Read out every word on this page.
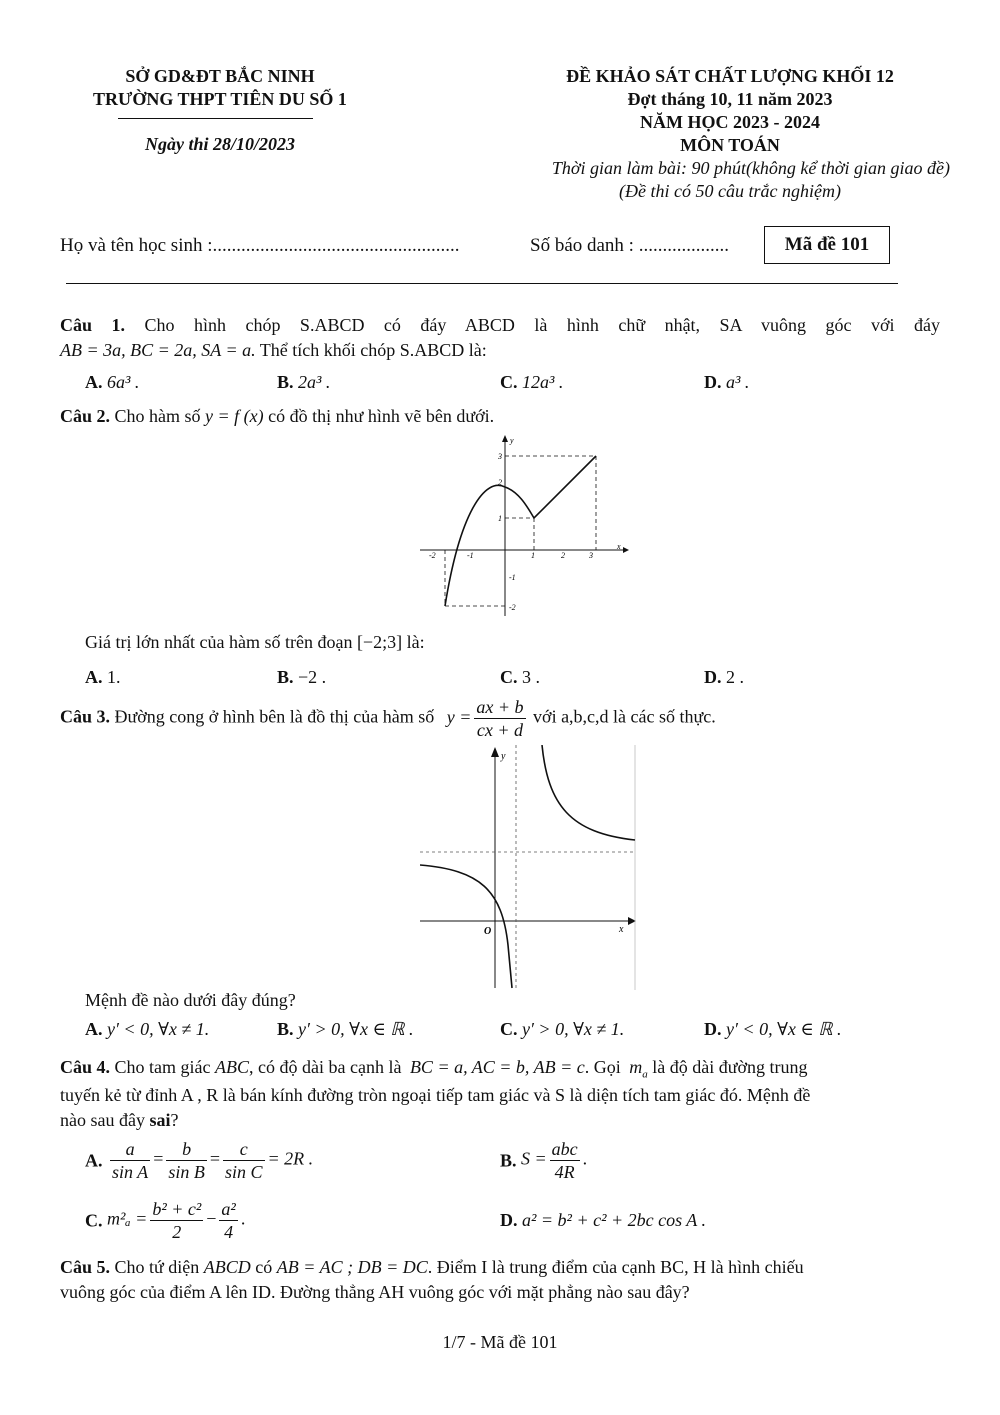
SỞ GD&ĐT BẮC NINH
TRƯỜNG THPT TIÊN DU SỐ 1
Ngày thi 28/10/2023
ĐỀ KHẢO SÁT CHẤT LƯỢNG KHỐI 12
Đợt tháng 10, 11 năm 2023
NĂM HỌC 2023 - 2024
MÔN TOÁN
Thời gian làm bài: 90 phút(không kể thời gian giao đề)
(Đề thi có 50 câu trắc nghiệm)
Họ và tên học sinh :....................................................	Số báo danh : ...................	Mã đề 101
Câu 1. Cho hình chóp S.ABCD có đáy ABCD là hình chữ nhật, SA vuông góc với đáy
AB = 3a, BC = 2a, SA = a. Thể tích khối chóp S.ABCD là:
A. 6a³ .	B. 2a³ .	C. 12a³ .	D. a³ .
Câu 2. Cho hàm số y = f (x) có đồ thị như hình vẽ bên dưới.
y
x
3
2
1
-1
-2
-2	-1	1	2	3
Giá trị lớn nhất của hàm số trên đoạn [−2;3] là:
A. 1.	B. −2 .	C. 3 .	D. 2 .
Câu 3. Đường cong ở hình bên là đồ thị của hàm số $y = \frac{ax + b}{cx + d}$ với a,b,c,d là các số thực.
y
x
O
Mệnh đề nào dưới đây đúng?
A. y′ < 0, ∀x ≠ 1.	B. y′ > 0, ∀x ∈ ℝ .	C. y′ > 0, ∀x ≠ 1.	D. y′ < 0, ∀x ∈ ℝ .
Câu 4. Cho tam giác ABC, có độ dài ba cạnh là BC = a, AC = b, AB = c. Gọi $m_a$ là độ dài đường trung
tuyến kẻ từ đỉnh A , R là bán kính đường tròn ngoại tiếp tam giác và S là diện tích tam giác đó. Mệnh đề
nào sau đây sai?
A. $\frac{a}{\text{sin A}} = \frac{b}{\text{sin B}} = \frac{c}{\text{sin C}} = 2R$ .	B. $S = \frac{\text{abc}}{4R}$ .
C. $m^2_a = \frac{\text{b² + c²}}{2} - \frac{\text{a²}}{4}$ .	D. a² = b² + c² + 2bc cos A .
Câu 5. Cho tứ diện ABCD có AB = AC ; DB = DC. Điểm I là trung điểm của cạnh BC, H là hình chiếu
vuông góc của điểm A lên ID. Đường thẳng AH vuông góc với mặt phẳng nào sau đây?
1/7 - Mã đề 101
